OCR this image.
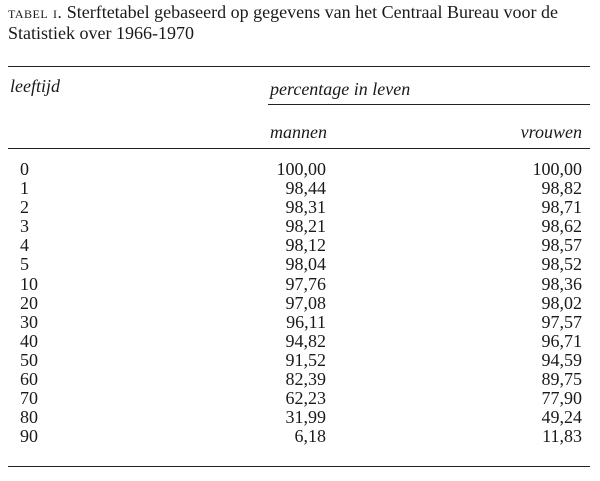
tabel i. Sterftetabel gebaseerd op gegevens van het Centraal Bureau voor de Statistiek over 1966-1970
leeftijd	percentage in leven
mannen	vrouwen
0	100,00	100,00
1	98,44	98,82
2	98,31	98,71
3	98,21	98,62
4	98,12	98,57
5	98,04	98,52
10	97,76	98,36
20	97,08	98,02
30	96,11	97,57
40	94,82	96,71
50	91,52	94,59
60	82,39	89,75
70	62,23	77,90
80	31,99	49,24
90	6,18	11,83
